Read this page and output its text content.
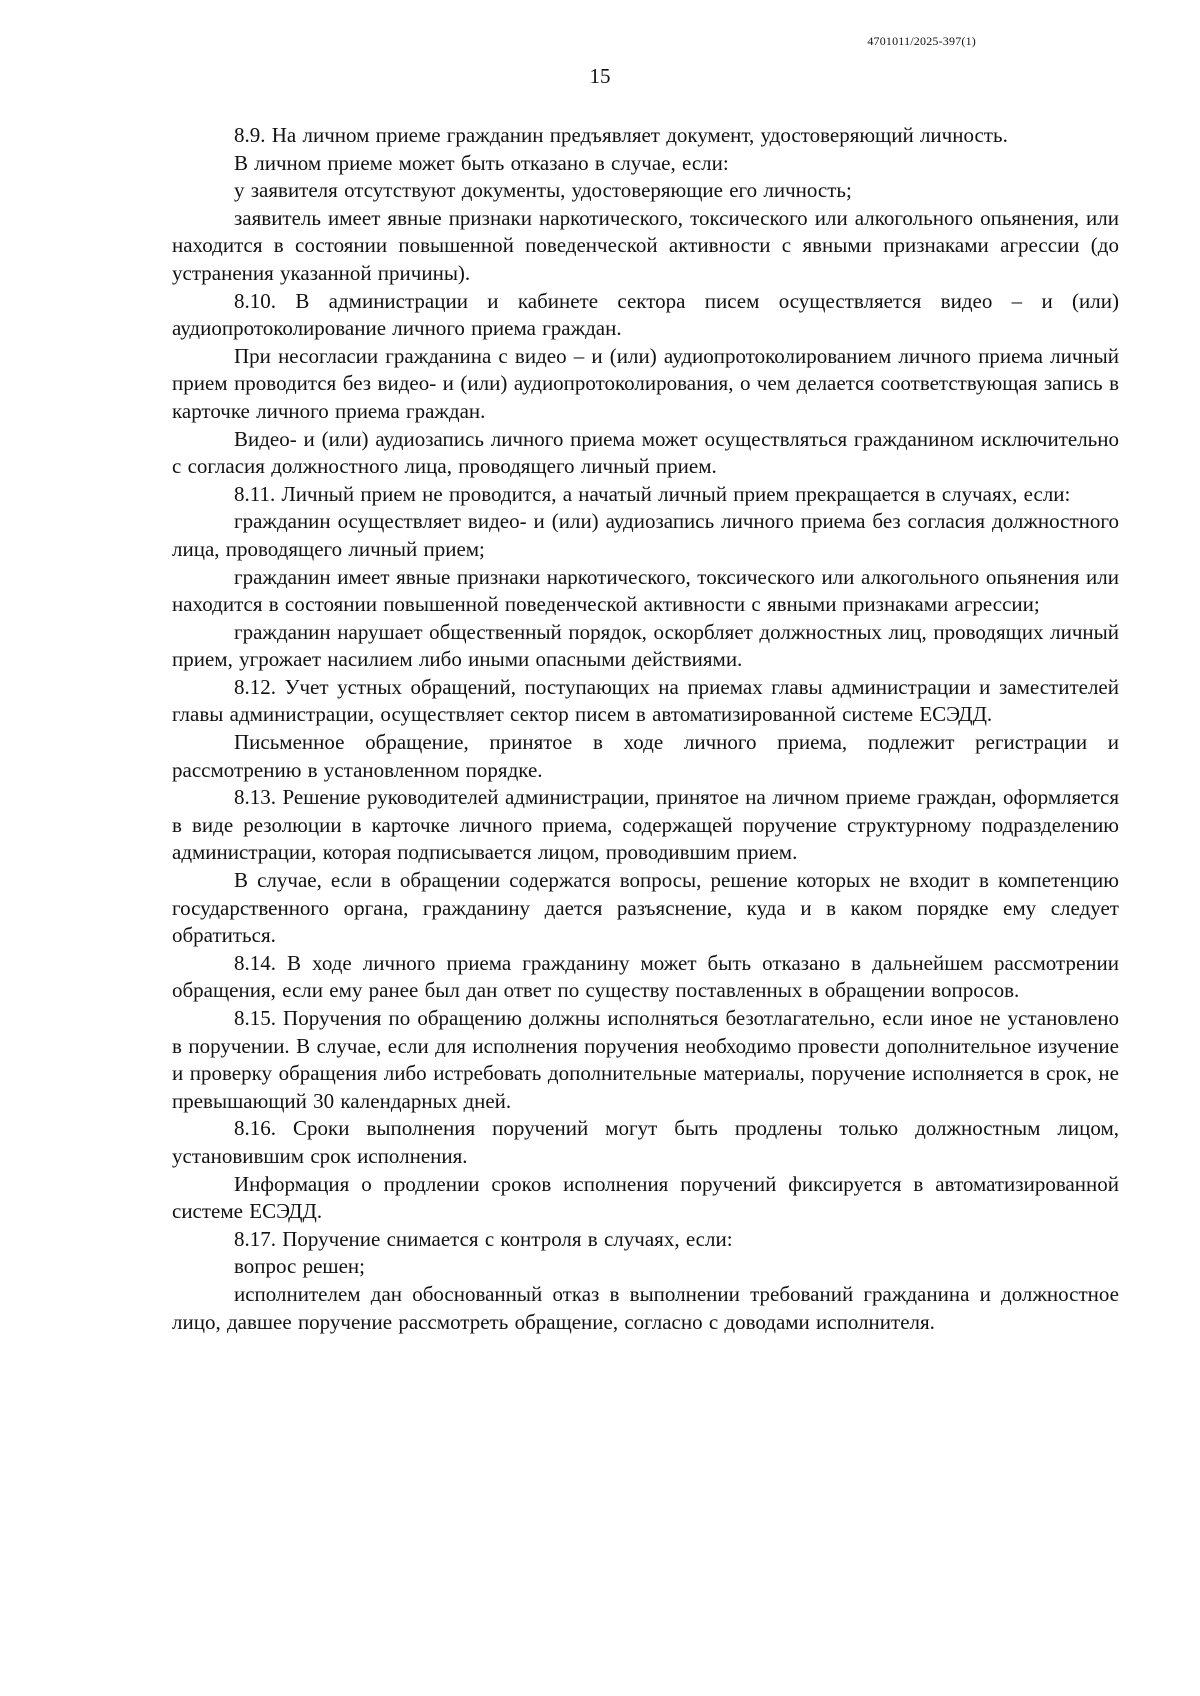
4701011/2025-397(1)
15

8.9. На личном приеме гражданин предъявляет документ, удостоверяющий личность.

В личном приеме может быть отказано в случае, если:

у заявителя отсутствуют документы, удостоверяющие его личность;

заявитель имеет явные признаки наркотического, токсического или алкогольного опьянения, или находится в состоянии повышенной поведенческой активности с явными признаками агрессии (до устранения указанной причины).

8.10. В администрации и кабинете сектора писем осуществляется видео – и (или) аудиопротоколирование личного приема граждан.

При несогласии гражданина с видео – и (или) аудиопротоколированием личного приема личный прием проводится без видео- и (или) аудиопротоколирования, о чем делается соответствующая запись в карточке личного приема граждан.

Видео- и (или) аудиозапись личного приема может осуществляться гражданином исключительно с согласия должностного лица, проводящего личный прием.

8.11. Личный прием не проводится, а начатый личный прием прекращается в случаях, если:

гражданин осуществляет видео- и (или) аудиозапись личного приема без согласия должностного лица, проводящего личный прием;

гражданин имеет явные признаки наркотического, токсического или алкогольного опьянения или находится в состоянии повышенной поведенческой активности с явными признаками агрессии;

гражданин нарушает общественный порядок, оскорбляет должностных лиц, проводящих личный прием, угрожает насилием либо иными опасными действиями.

8.12. Учет устных обращений, поступающих на приемах главы администрации и заместителей главы администрации, осуществляет сектор писем в автоматизированной системе ЕСЭДД.

Письменное обращение, принятое в ходе личного приема, подлежит регистрации и рассмотрению в установленном порядке.

8.13. Решение руководителей администрации, принятое на личном приеме граждан, оформляется в виде резолюции в карточке личного приема, содержащей поручение структурному подразделению администрации, которая подписывается лицом, проводившим прием.

В случае, если в обращении содержатся вопросы, решение которых не входит в компетенцию государственного органа, гражданину дается разъяснение, куда и в каком порядке ему следует обратиться.

8.14. В ходе личного приема гражданину может быть отказано в дальнейшем рассмотрении обращения, если ему ранее был дан ответ по существу поставленных в обращении вопросов.

8.15. Поручения по обращению должны исполняться безотлагательно, если иное не установлено в поручении. В случае, если для исполнения поручения необходимо провести дополнительное изучение и проверку обращения либо истребовать дополнительные материалы, поручение исполняется в срок, не превышающий 30 календарных дней.

8.16. Сроки выполнения поручений могут быть продлены только должностным лицом, установившим срок исполнения.

Информация о продлении сроков исполнения поручений фиксируется в автоматизированной системе ЕСЭДД.

8.17. Поручение снимается с контроля в случаях, если:

вопрос решен;

исполнителем дан обоснованный отказ в выполнении требований гражданина и должностное лицо, давшее поручение рассмотреть обращение, согласно с доводами исполнителя.
